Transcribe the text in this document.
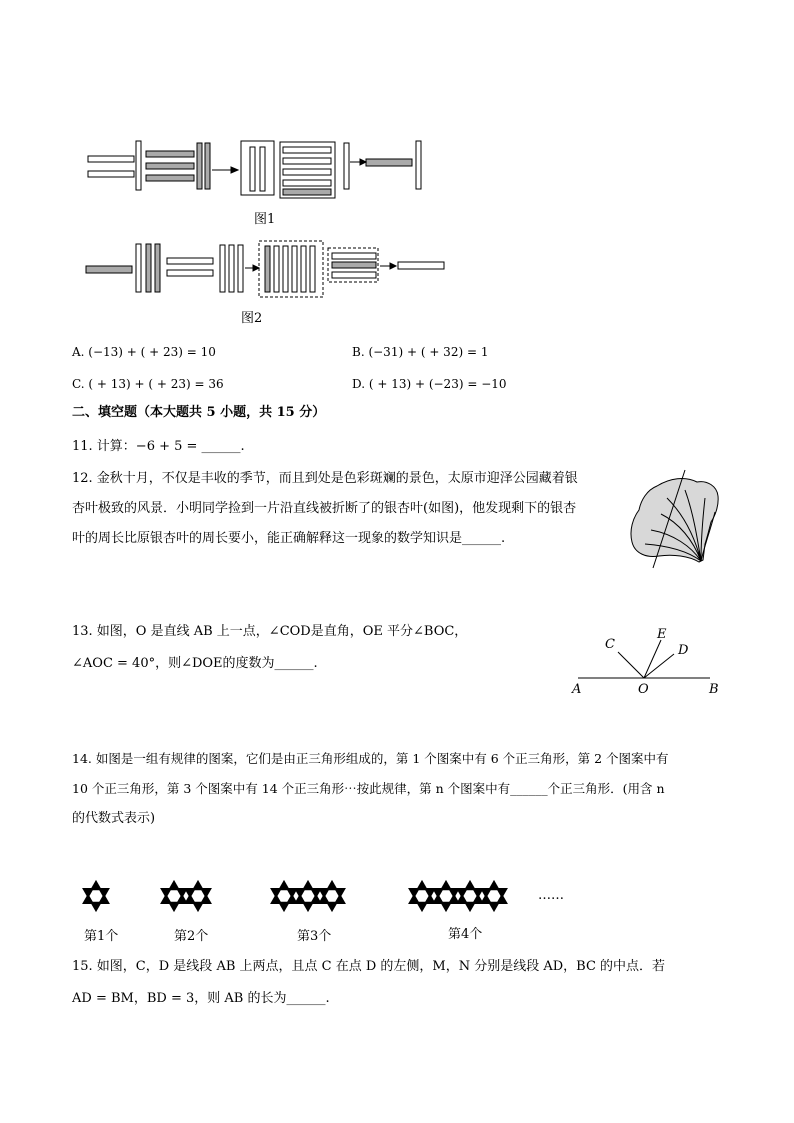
图1
图2
A. (−13) + ( + 23) = 10	B. (−31) + ( + 32) = 1
C. ( + 13) + ( + 23) = 36	D. ( + 13) + (−23) = −10
二、填空题（本大题共 5 小题，共 15 分）
11. 计算：−6 + 5 = ______.
12. 金秋十月，不仅是丰收的季节，而且到处是色彩斑斓的景色，太原市迎泽公园藏着银
杏叶极致的风景．小明同学捡到一片沿直线被折断了的银杏叶(如图)，他发现剩下的银杏
叶的周长比原银杏叶的周长要小，能正确解释这一现象的数学知识是______.
13. 如图，O 是直线 AB 上一点，∠COD是直角，OE 平分∠BOC，
∠AOC = 40°，则∠DOE的度数为______.
C
E
D
A	O	B
14. 如图是一组有规律的图案，它们是由正三角形组成的，第 1 个图案中有 6 个正三角形，第 2 个图案中有
10 个正三角形，第 3 个图案中有 14 个正三角形⋯按此规律，第 n 个图案中有______个正三角形．(用含 n
的代数式表示)
第1个	第2个	第3个	第4个
……
15. 如图，C，D 是线段 AB 上两点，且点 C 在点 D 的左侧，M，N 分别是线段 AD，BC 的中点．若
AD = BM，BD = 3，则 AB 的长为______.
